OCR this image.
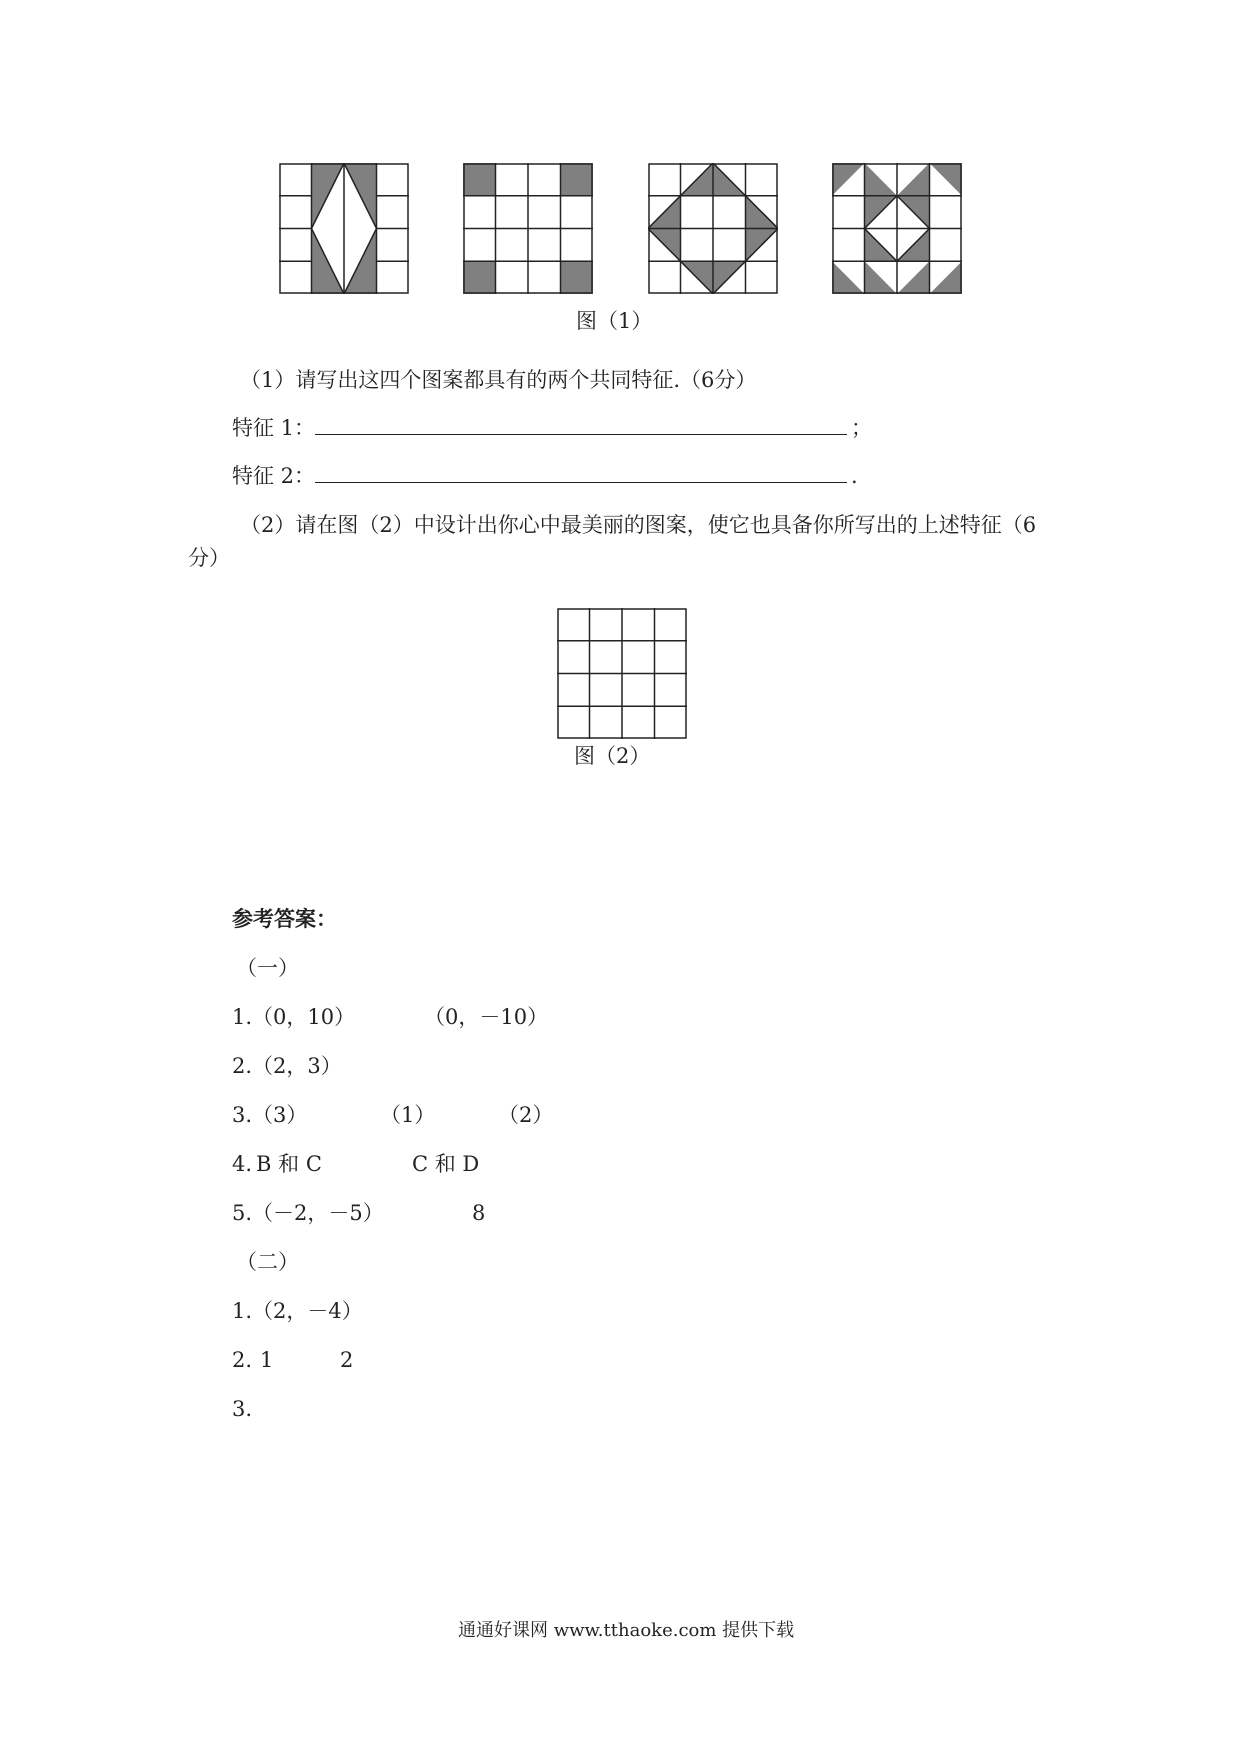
图（1）
（1）请写出这四个图案都具有的两个共同特征.（6分）
特征 1：	；
特征 2：	.
（2）请在图（2）中设计出你心中最美丽的图案，使它也具备你所写出的上述特征（6
分）
图（2）
参考答案：
（一）
1.（0，10）	（0，－10）
2.（2，3）
3.（3）	（1）	（2）
4. B 和 C	C 和 D
5.（－2，－5）	8
（二）
1.（2，－4）
2. 1	2
3.
通通好课网 www.tthaoke.com 提供下载
